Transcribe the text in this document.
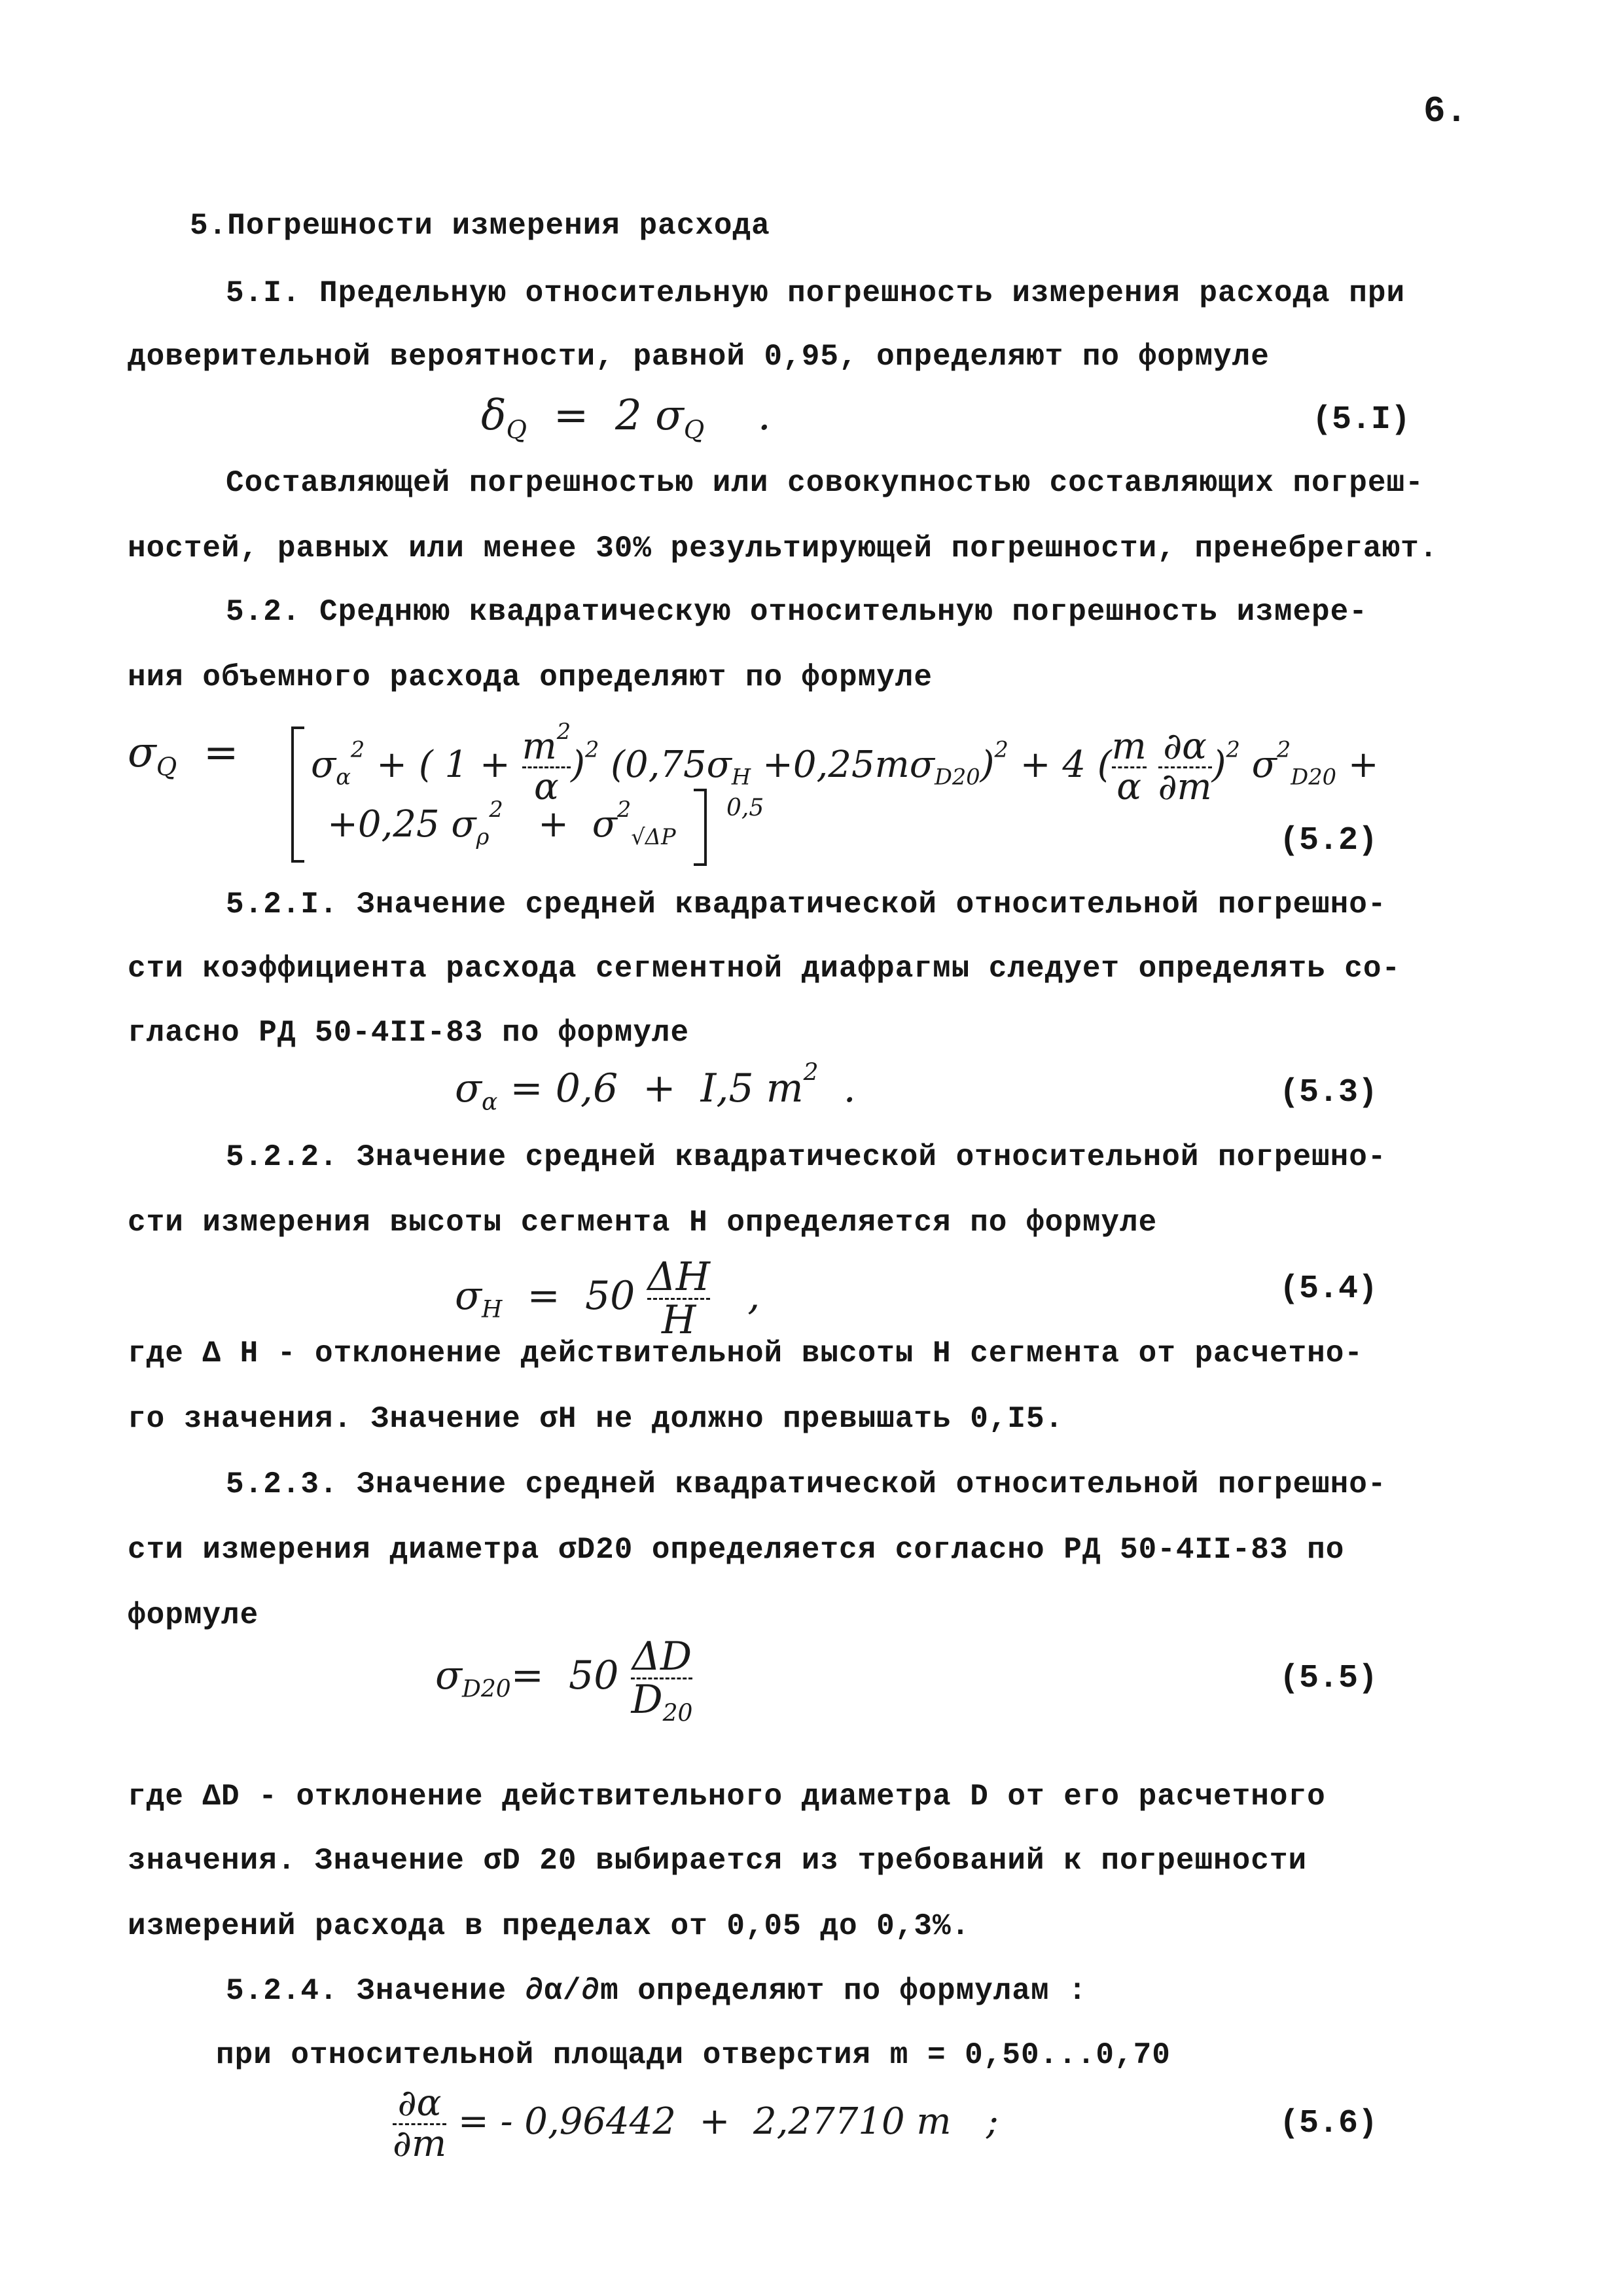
6.
5.Погрешности измерения расхода
5.I. Предельную относительную погрешность измерения расхода при
доверительной вероятности, равной 0,95, определяют по формуле
$\delta_Q = 2$ $\sigma_Q$    .	(5.I)
Составляющей погрешностью или совокупностью составляющих погреш-
ностей, равных или менее 30% результирующей погрешности, пренебрегают.
5.2. Среднюю квадратическую относительную погрешность измере-
ния объемного расхода определяют по формуле
$\sigma_Q = \sigma_\alpha^2$ + ( $1 + \frac{m^2}{\alpha} )^2$ $(0,75\sigma_H +0,25m\sigma_{D20})^2 + 4$ ( $\frac{m}{\alpha}$
$\frac{\partial\alpha}{\partial m} )^2$ $\sigma^2_{D20}$ +
+0,25 $\sigma_\rho^2 + \sigma^2_{√\Delta P}$
0,5
(5.2)
5.2.I. Значение средней квадратической относительной погрешно-
сти коэффициента расхода сегментной диафрагмы следует определять со-
гласно РД 50-4II-83 по формуле
$\sigma_\alpha = 0,6 + I,5$ $m^2$  .	(5.3)
5.2.2. Значение средней квадратической относительной погрешно-
сти измерения высоты сегмента H определяется по формуле
$\sigma_H = 50 \frac{\Delta H}{H}$ ,	(5.4)
где Δ H - отклонение действительной высоты H сегмента от расчетно-
го значения. Значение σH не должно превышать 0,I5.
5.2.3. Значение средней квадратической относительной погрешно-
сти измерения диаметра σD20 определяется согласно РД 50-4II-83 по
формуле
$\sigma_{D20}= 50 \frac{\Delta D}{D_{20}}$	(5.5)
где ΔD - отклонение действительного диаметра D от его расчетного
значения. Значение σD 20 выбирается из требований к погрешности
измерений расхода в пределах от 0,05 до 0,3%.
5.2.4. Значение ∂α/∂m определяют по формулам :
при относительной площади отверстия m = 0,50...0,70
$\frac{\partial\alpha}{\partial m}$ = - 0,96442  +  2,27710 m   ;	(5.6)
